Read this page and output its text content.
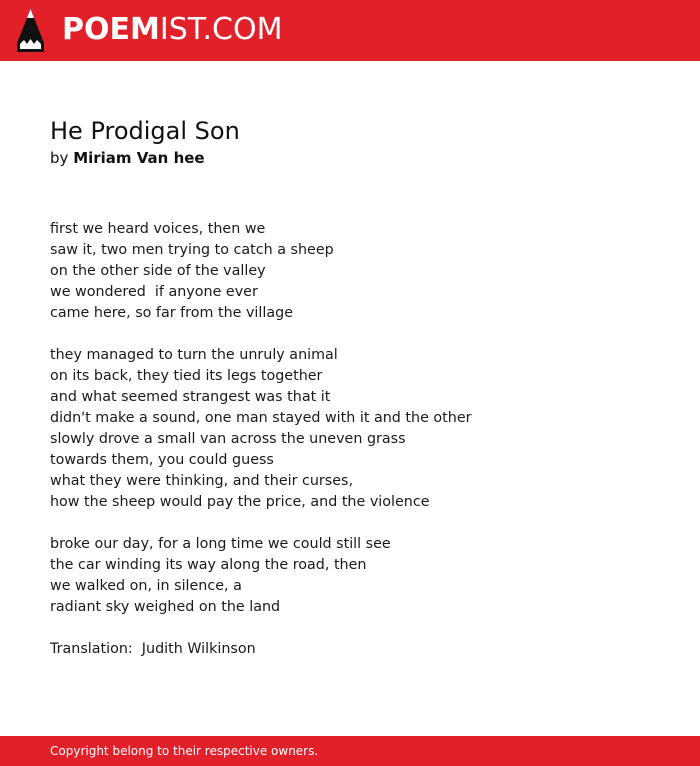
POEMIST.COM
He Prodigal Son
by Miriam Van hee
first we heard voices, then we
saw it, two men trying to catch a sheep
on the other side of the valley
we wondered  if anyone ever
came here, so far from the village
they managed to turn the unruly animal
on its back, they tied its legs together
and what seemed strangest was that it
didn't make a sound, one man stayed with it and the other
slowly drove a small van across the uneven grass
towards them, you could guess
what they were thinking, and their curses,
how the sheep would pay the price, and the violence
broke our day, for a long time we could still see
the car winding its way along the road, then
we walked on, in silence, a
radiant sky weighed on the land
Translation:  Judith Wilkinson
Copyright belong to their respective owners.
